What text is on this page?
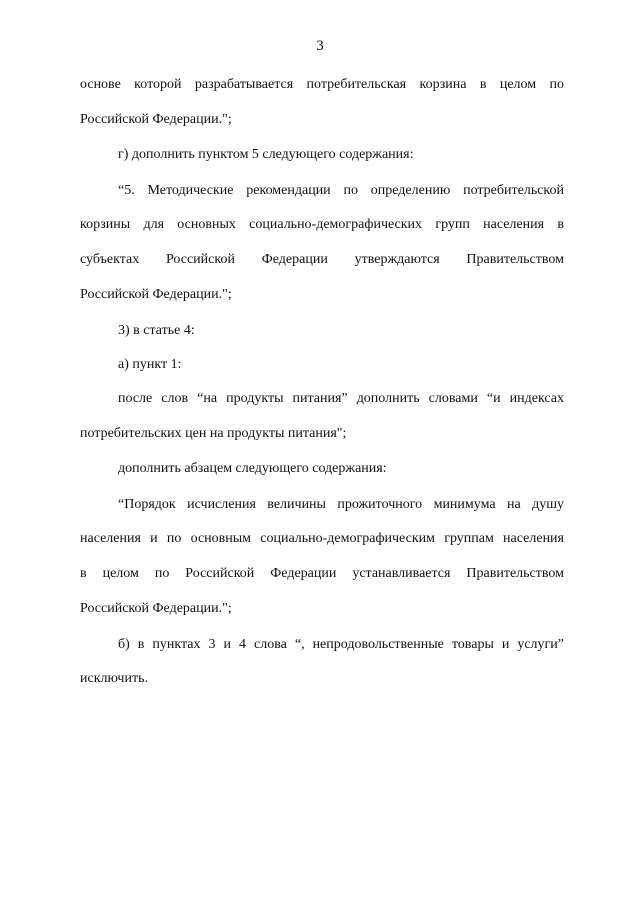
3
основе которой разрабатывается потребительская корзина в целом по
Российской Федерации.";
г) дополнить пунктом 5 следующего содержания:
“5. Методические рекомендации по определению потребительской
корзины для основных социально-демографических групп населения в
субъектах Российской Федерации утверждаются Правительством
Российской Федерации.";
3) в статье 4:
а) пункт 1:
после слов “на продукты питания” дополнить словами “и индексах
потребительских цен на продукты питания";
дополнить абзацем следующего содержания:
“Порядок исчисления величины прожиточного минимума на душу
населения и по основным социально-демографическим группам населения
в целом по Российской Федерации устанавливается Правительством
Российской Федерации.";
б) в пунктах 3 и 4 слова “, непродовольственные товары и услуги”
исключить.
